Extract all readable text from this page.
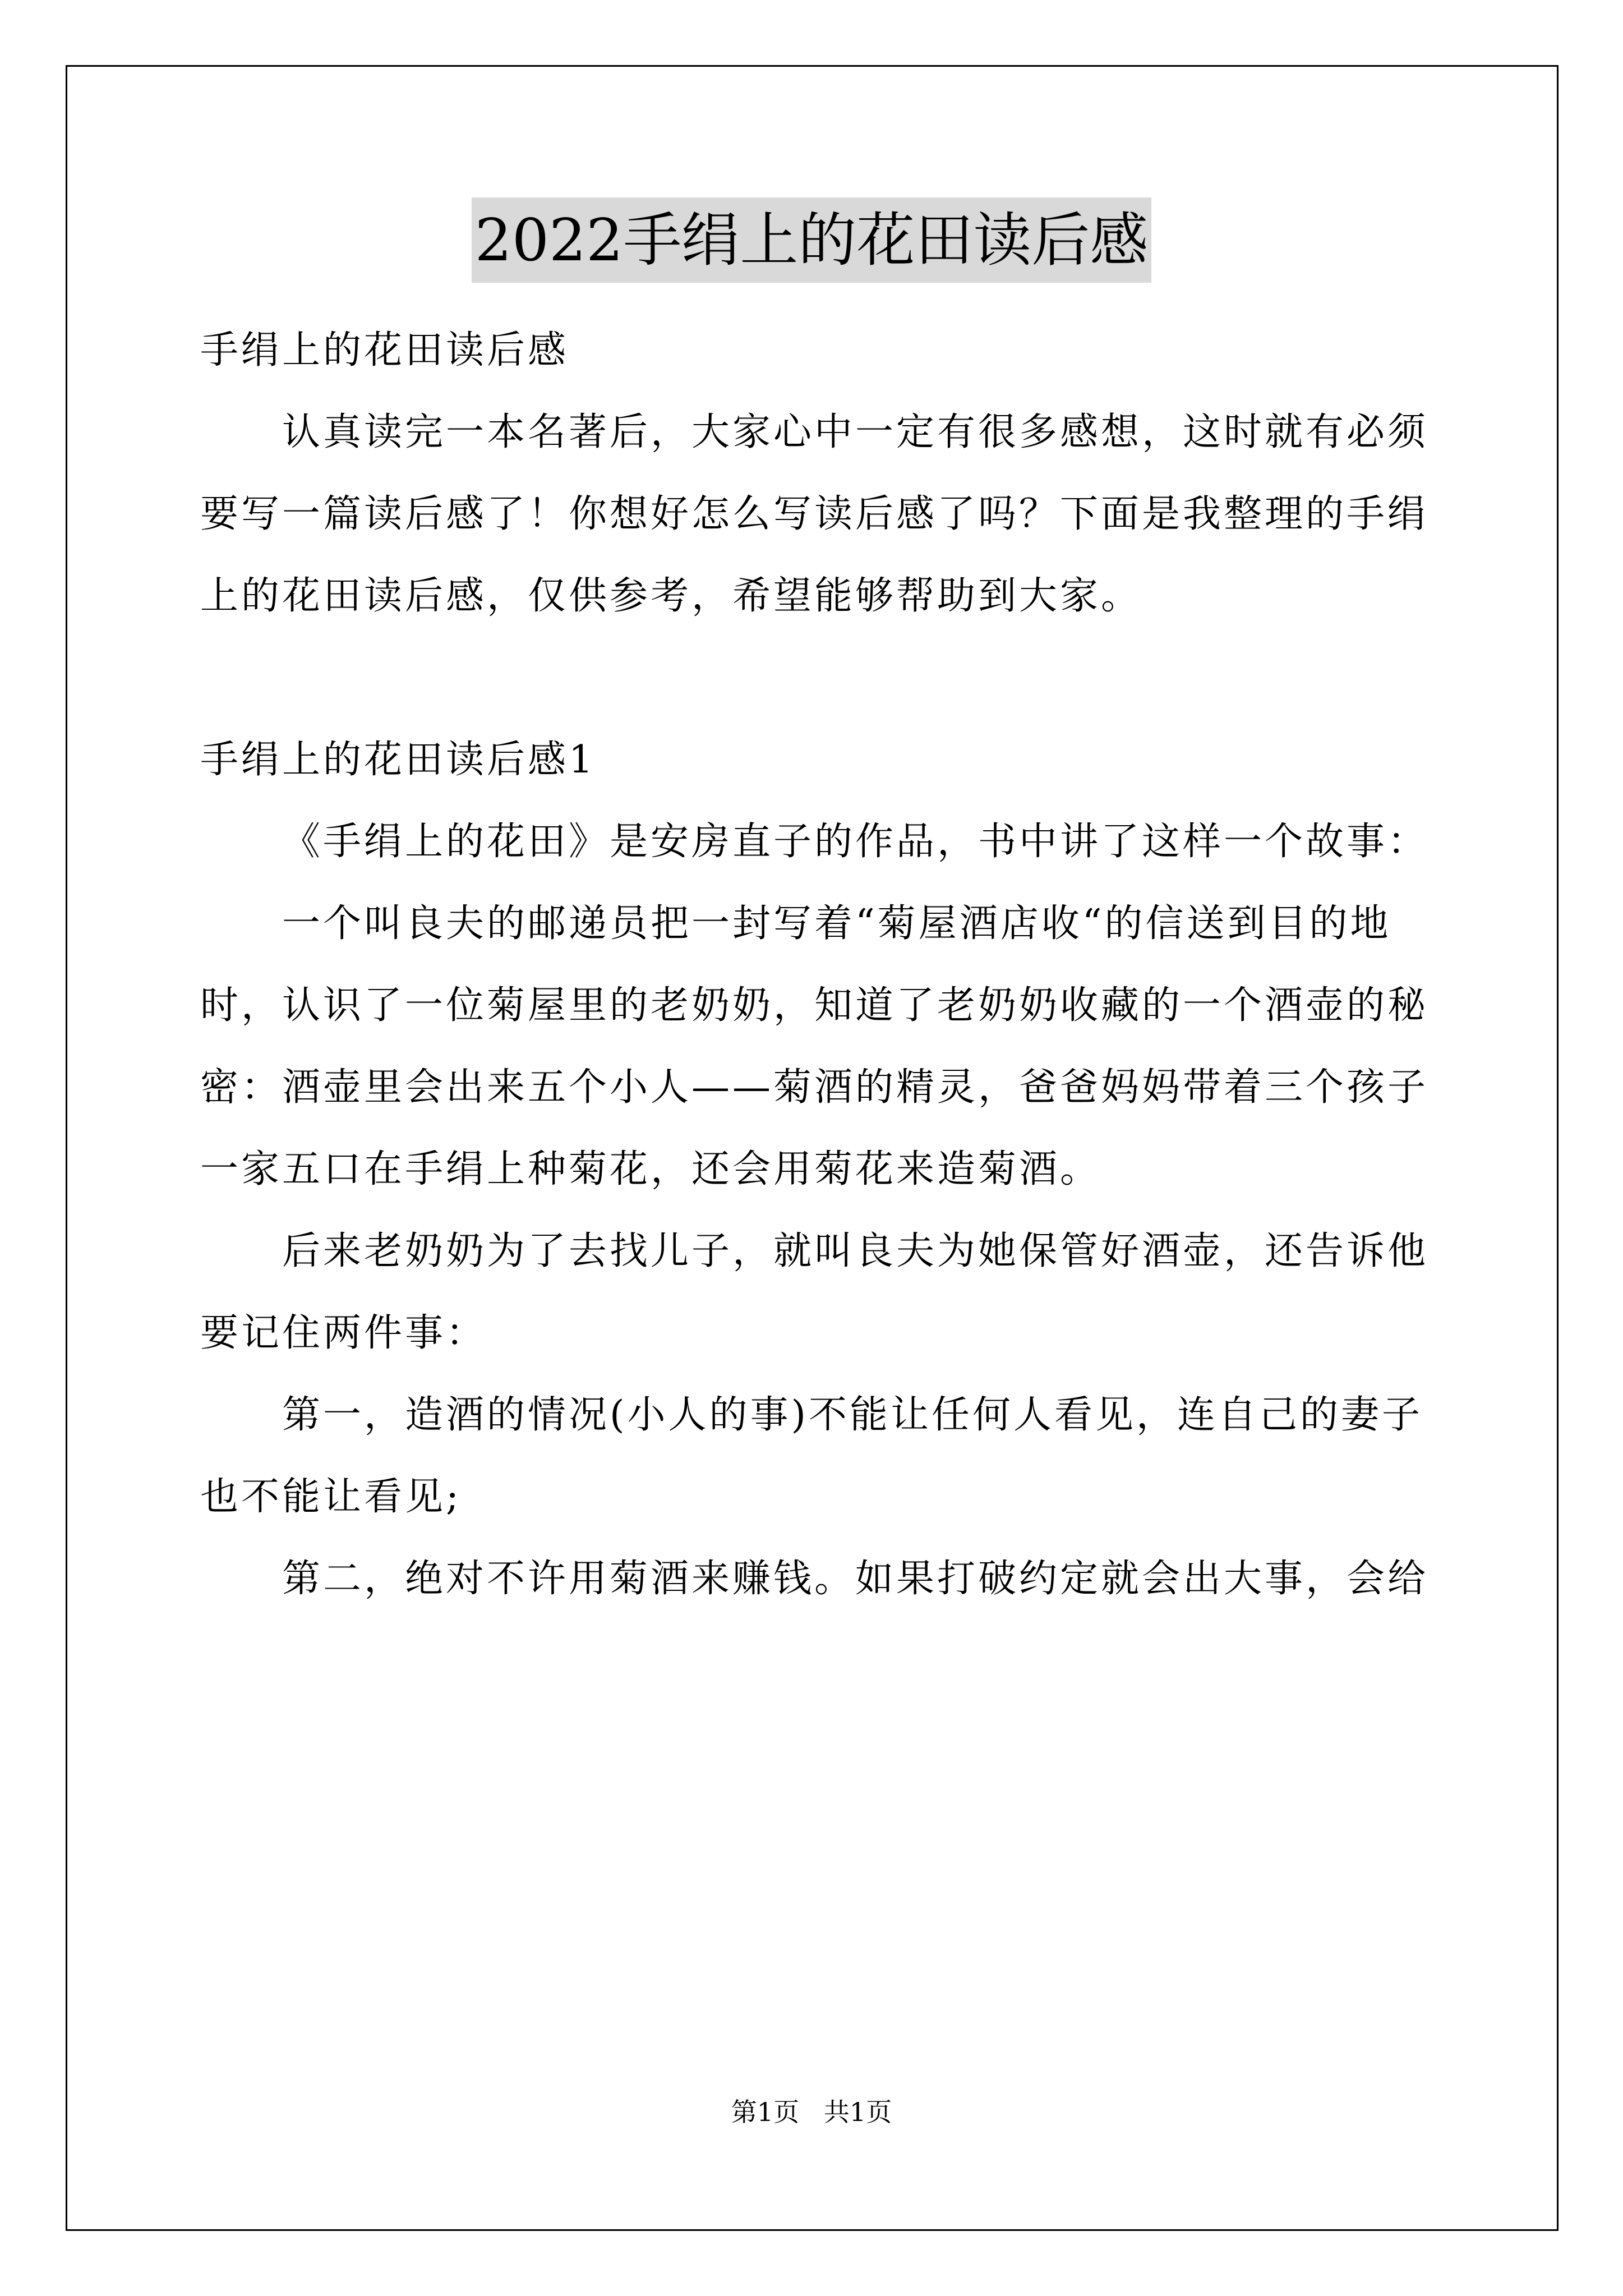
2022手绢上的花田读后感
手绢上的花田读后感
认真读完一本名著后，大家心中一定有很多感想，这时就有必须
要写一篇读后感了！你想好怎么写读后感了吗？下面是我整理的手绢
上的花田读后感，仅供参考，希望能够帮助到大家。
手绢上的花田读后感1
《手绢上的花田》是安房直子的作品，书中讲了这样一个故事：
一个叫良夫的邮递员把一封写着“菊屋酒店收“的信送到目的地
时，认识了一位菊屋里的老奶奶，知道了老奶奶收藏的一个酒壶的秘
密：酒壶里会出来五个小人——菊酒的精灵，爸爸妈妈带着三个孩子
一家五口在手绢上种菊花，还会用菊花来造菊酒。
后来老奶奶为了去找儿子，就叫良夫为她保管好酒壶，还告诉他
要记住两件事：
第一，造酒的情况(小人的事)不能让任何人看见，连自己的妻子
也不能让看见;
第二，绝对不许用菊酒来赚钱。如果打破约定就会出大事，会给
第1页   共1页
